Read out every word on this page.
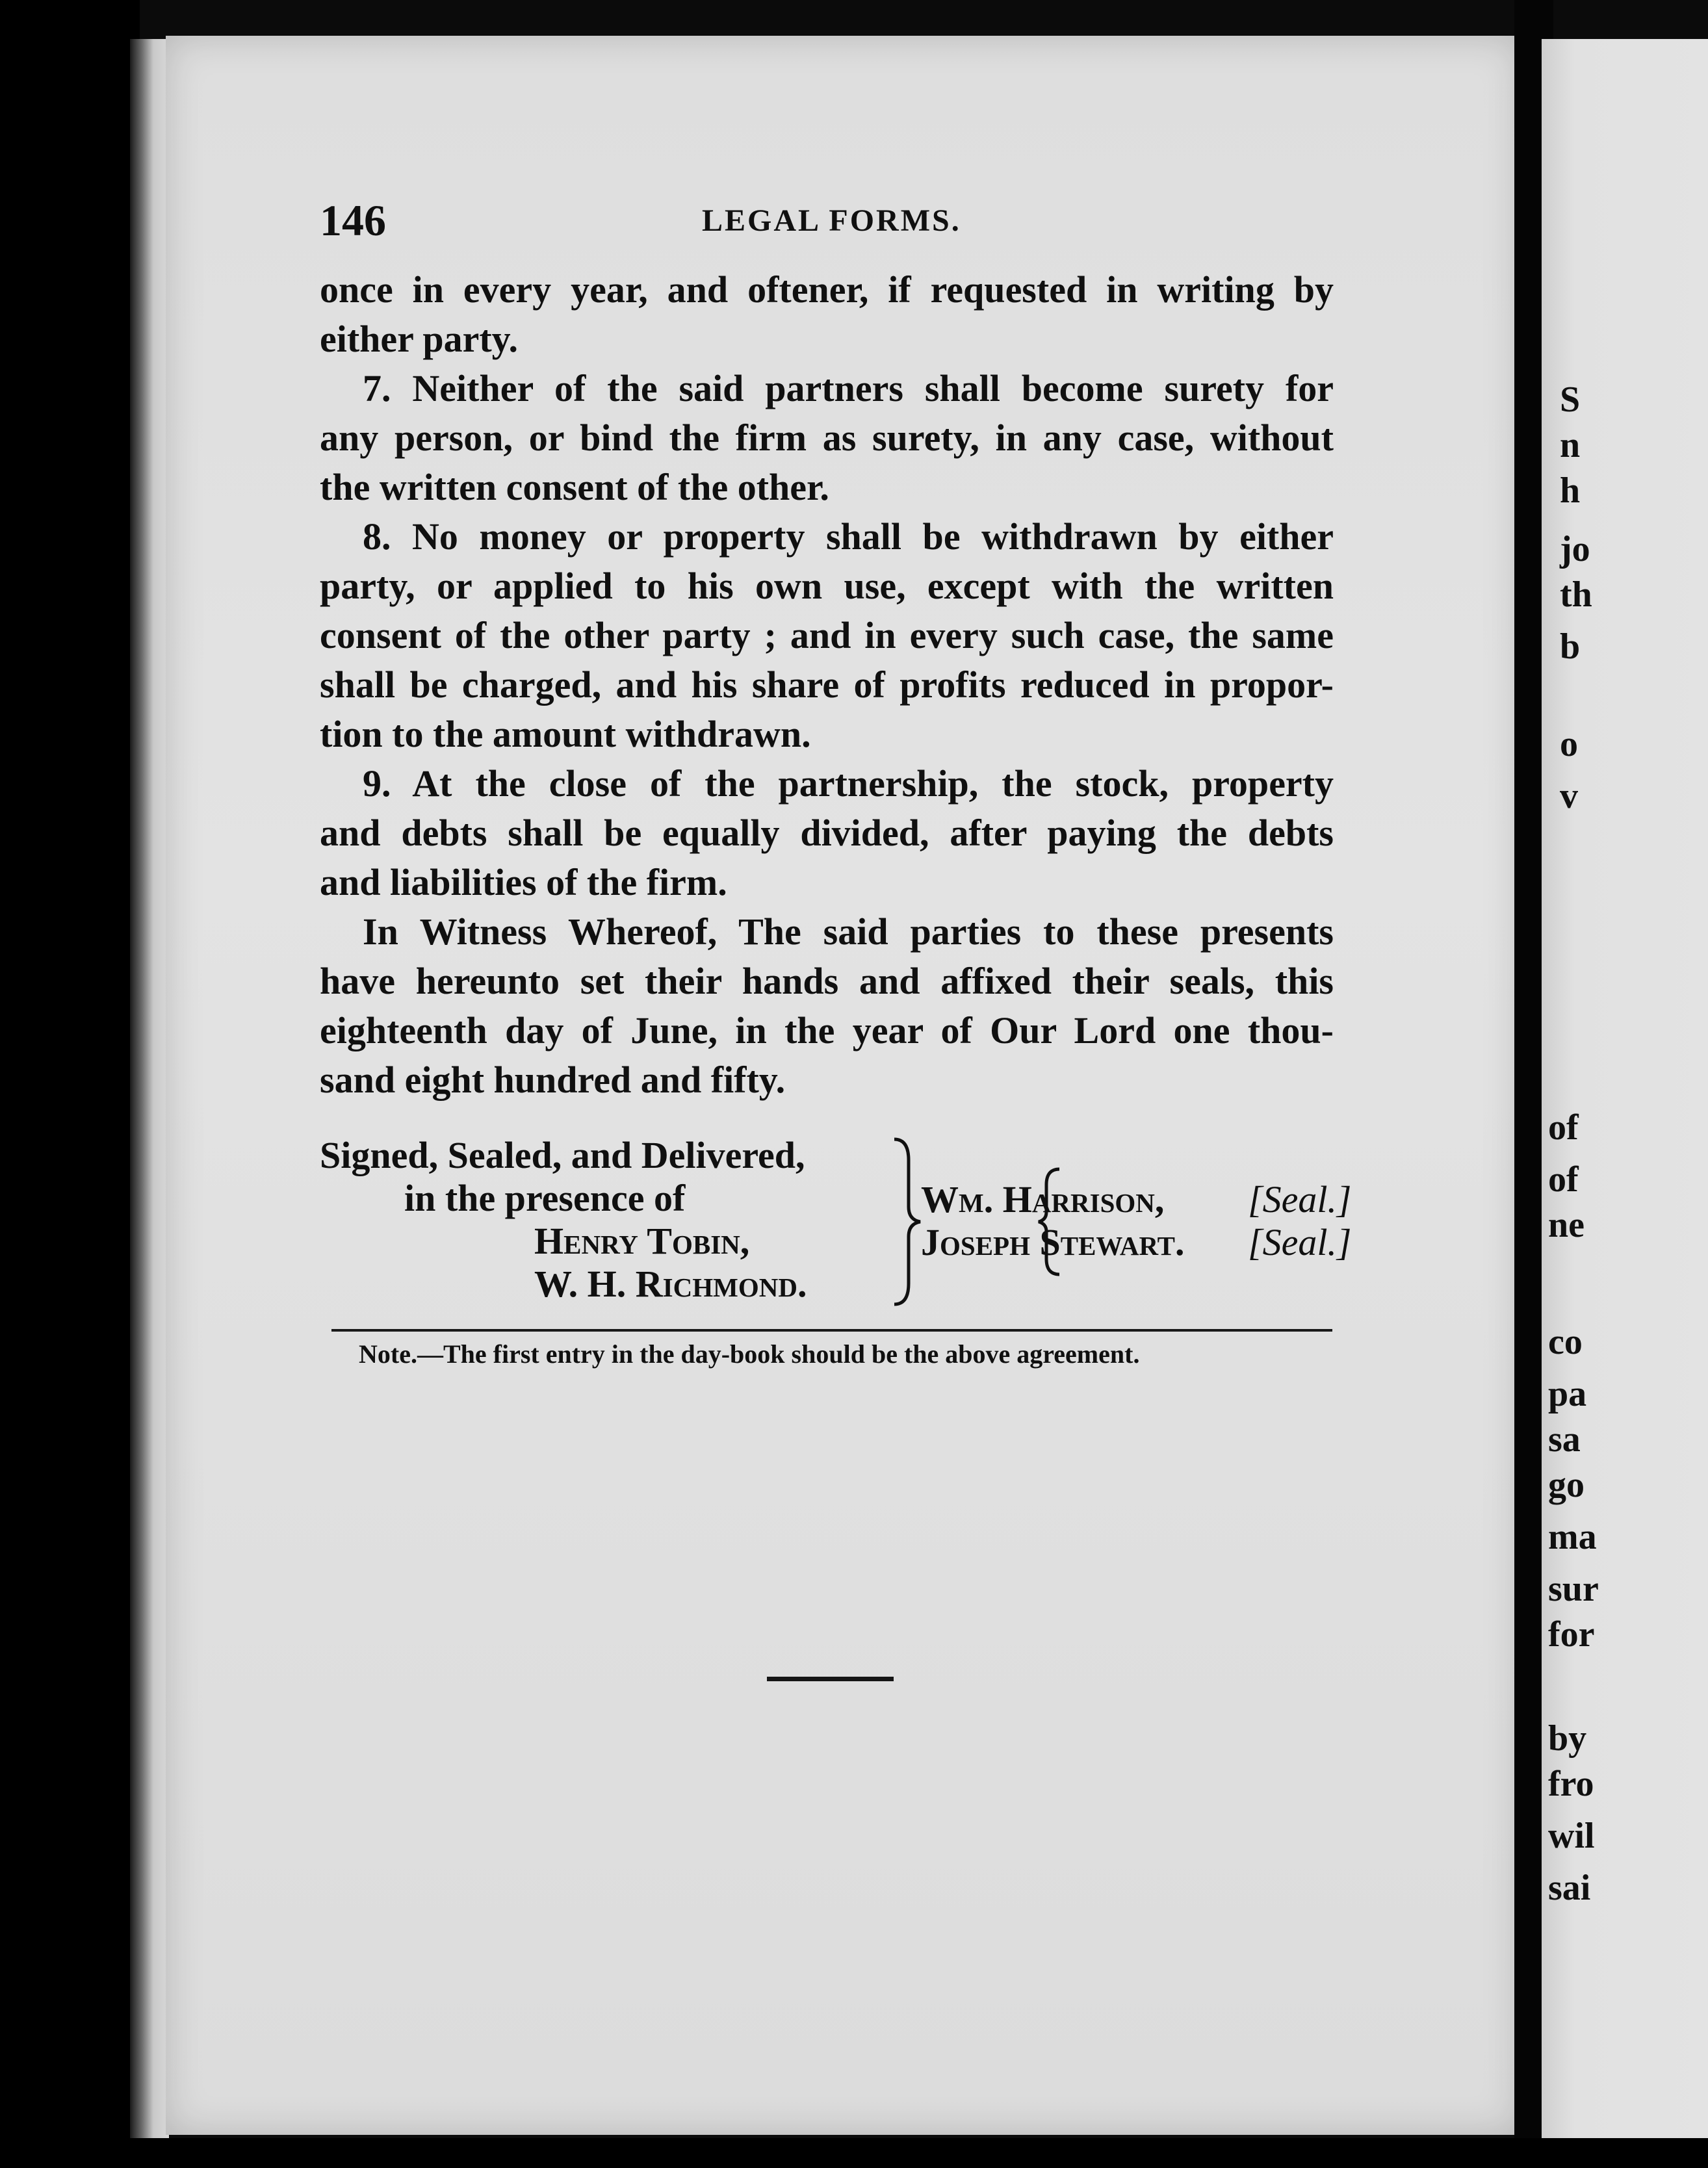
146	LEGAL FORMS.
once in every year, and oftener, if requested in writing by
either party.
7. Neither of the said partners shall become surety for
any person, or bind the firm as surety, in any case, without
the written consent of the other.
8. No money or property shall be withdrawn by either
party, or applied to his own use, except with the written
consent of the other party ; and in every such case, the same
shall be charged, and his share of profits reduced in propor-
tion to the amount withdrawn.
9. At the close of the partnership, the stock, property
and debts shall be equally divided, after paying the debts
and liabilities of the firm.
In Witness Whereof, The said parties to these presents
have hereunto set their hands and affixed their seals, this
eighteenth day of June, in the year of Our Lord one thou-
sand eight hundred and fifty.
Signed, Sealed, and Delivered,
in the presence of
Henry Tobin,
W. H. Richmond.
Wm. Harrison, [Seal.]
Joseph Stewart. [Seal.]
Note.—The first entry in the day-book should be the above agreement.
S
n
h
jo
th
b
o
v
of
of
ne
co
pa
sa
go
ma
sur
for
by
fro
wil
sai
